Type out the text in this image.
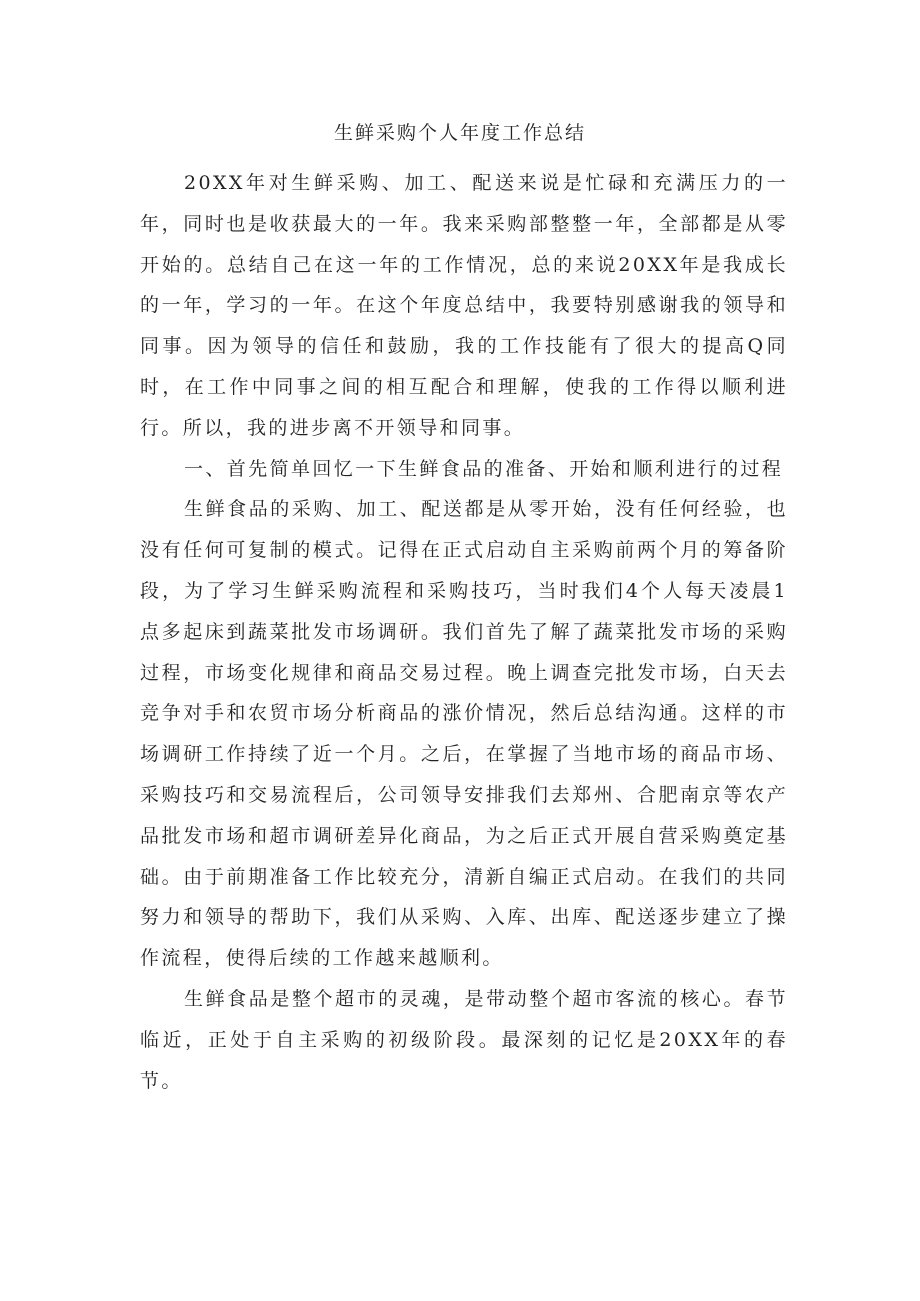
生鲜采购个人年度工作总结

20XX年对生鲜采购、加工、配送来说是忙碌和充满压力的一年，同时也是收获最大的一年。我来采购部整整一年，全部都是从零开始的。总结自己在这一年的工作情况，总的来说20XX年是我成长的一年，学习的一年。在这个年度总结中，我要特别感谢我的领导和同事。因为领导的信任和鼓励，我的工作技能有了很大的提高Q同时，在工作中同事之间的相互配合和理解，使我的工作得以顺利进行。所以，我的进步离不开领导和同事。

一、首先简单回忆一下生鲜食品的准备、开始和顺利进行的过程

生鲜食品的采购、加工、配送都是从零开始，没有任何经验，也没有任何可复制的模式。记得在正式启动自主采购前两个月的筹备阶段，为了学习生鲜采购流程和采购技巧，当时我们4个人每天凌晨1点多起床到蔬菜批发市场调研。我们首先了解了蔬菜批发市场的采购过程，市场变化规律和商品交易过程。晚上调查完批发市场，白天去竞争对手和农贸市场分析商品的涨价情况，然后总结沟通。这样的市场调研工作持续了近一个月。之后，在掌握了当地市场的商品市场、采购技巧和交易流程后，公司领导安排我们去郑州、合肥南京等农产品批发市场和超市调研差异化商品，为之后正式开展自营采购奠定基础。由于前期准备工作比较充分，清新自编正式启动。在我们的共同努力和领导的帮助下，我们从采购、入库、出库、配送逐步建立了操作流程，使得后续的工作越来越顺利。

生鲜食品是整个超市的灵魂，是带动整个超市客流的核心。春节临近，正处于自主采购的初级阶段。最深刻的记忆是20XX年的春节。
